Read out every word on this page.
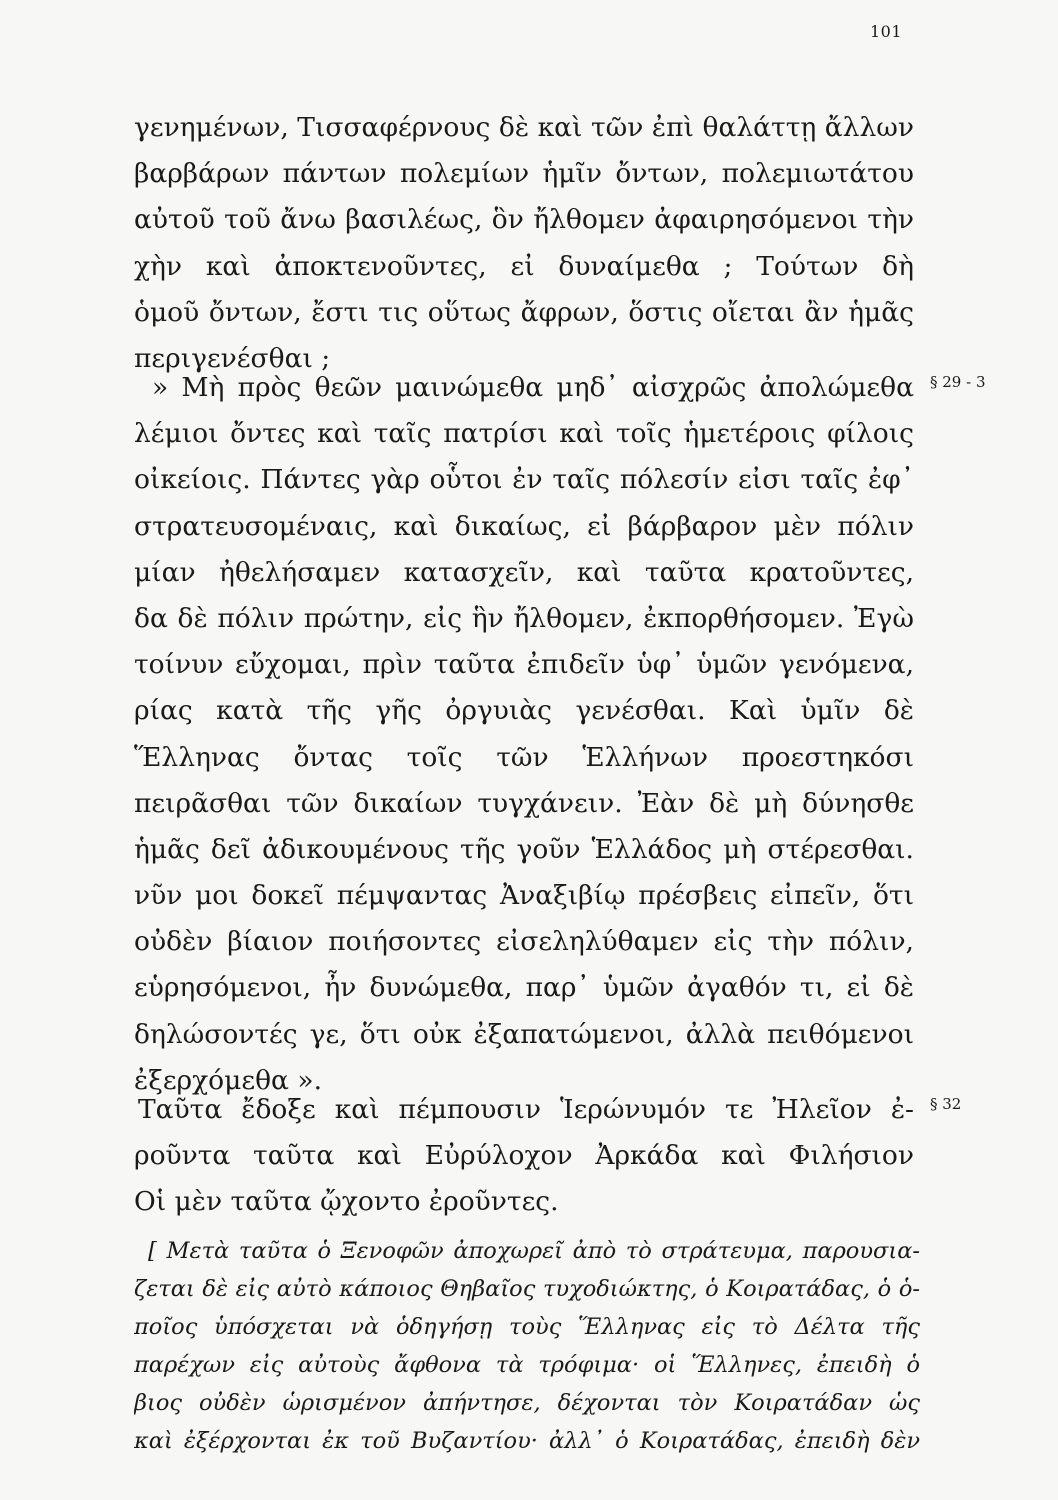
101
γενημένων, Τισσαφέρνους δὲ καὶ τῶν ἐπὶ θαλάττῃ ἄλλων
βαρβάρων πάντων πολεμίων ἡμῖν ὄντων, πολεμιωτάτου
αὐτοῦ τοῦ ἄνω βασιλέως, ὃν ἤλθομεν ἀφαιρησόμενοι τὴν
χὴν καὶ ἀποκτενοῦντες, εἰ δυναίμεθα ; Τούτων δὴ
ὁμοῦ ὄντων, ἔστι τις οὕτως ἄφρων, ὅστις οἴεται ἂν ἡμᾶς
περιγενέσθαι ;
» Μὴ πρὸς θεῶν μαινώμεθα μηδ᾽ αἰσχρῶς ἀπολώμεθα
λέμιοι ὄντες καὶ ταῖς πατρίσι καὶ τοῖς ἡμετέροις φίλοις
οἰκείοις. Πάντες γὰρ οὗτοι ἐν ταῖς πόλεσίν εἰσι ταῖς ἐφ᾽
στρατευσομέναις, καὶ δικαίως, εἰ βάρβαρον μὲν πόλιν
μίαν ἠθελήσαμεν κατασχεῖν, καὶ ταῦτα κρατοῦντες,
δα δὲ πόλιν πρώτην, εἰς ἣν ἤλθομεν, ἐκπορθήσομεν. Ἐγὼ
τοίνυν εὔχομαι, πρὶν ταῦτα ἐπιδεῖν ὑφ᾽ ὑμῶν γενόμενα,
ρίας κατὰ τῆς γῆς ὀργυιὰς γενέσθαι. Καὶ ὑμῖν δὲ
Ἕλληνας ὄντας τοῖς τῶν Ἑλλήνων προεστηκόσι
πειρᾶσθαι τῶν δικαίων τυγχάνειν. Ἐὰν δὲ μὴ δύνησθε
ἡμᾶς δεῖ ἀδικουμένους τῆς γοῦν Ἑλλάδος μὴ στέρεσθαι.
νῦν μοι δοκεῖ πέμψαντας Ἀναξιβίῳ πρέσβεις εἰπεῖν, ὅτι
οὐδὲν βίαιον ποιήσοντες εἰσεληλύθαμεν εἰς τὴν πόλιν,
εὑρησόμενοι, ἦν δυνώμεθα, παρ᾽ ὑμῶν ἀγαθόν τι, εἰ δὲ
δηλώσοντές γε, ὅτι οὐκ ἐξαπατώμενοι, ἀλλὰ πειθόμενοι
ἐξερχόμεθα ».
Ταῦτα ἔδοξε καὶ πέμπουσιν Ἱερώνυμόν τε Ἠλεῖον ἐ-
ροῦντα ταῦτα καὶ Εὐρύλοχον Ἀρκάδα καὶ Φιλήσιον
Οἱ μὲν ταῦτα ᾤχοντο ἐροῦντες.
§ 29 - 3
§ 32
[ Μετὰ ταῦτα ὁ Ξενοφῶν ἀποχωρεῖ ἀπὸ τὸ στράτευμα, παρουσια-
ζεται δὲ εἰς αὐτὸ κάποιος Θηβαῖος τυχοδιώκτης, ὁ Κοιρατάδας, ὁ ὁ-
ποῖος ὑπόσχεται νὰ ὁδηγήσῃ τοὺς Ἕλληνας εἰς τὸ Δέλτα τῆς
παρέχων εἰς αὐτοὺς ἄφθονα τὰ τρόφιμα· οἱ Ἕλληνες, ἐπειδὴ ὁ
βιος οὐδὲν ὡρισμένον ἀπήντησε, δέχονται τὸν Κοιρατάδαν ὡς
καὶ ἐξέρχονται ἐκ τοῦ Βυζαντίου· ἀλλ᾽ ὁ Κοιρατάδας, ἐπειδὴ δὲν
